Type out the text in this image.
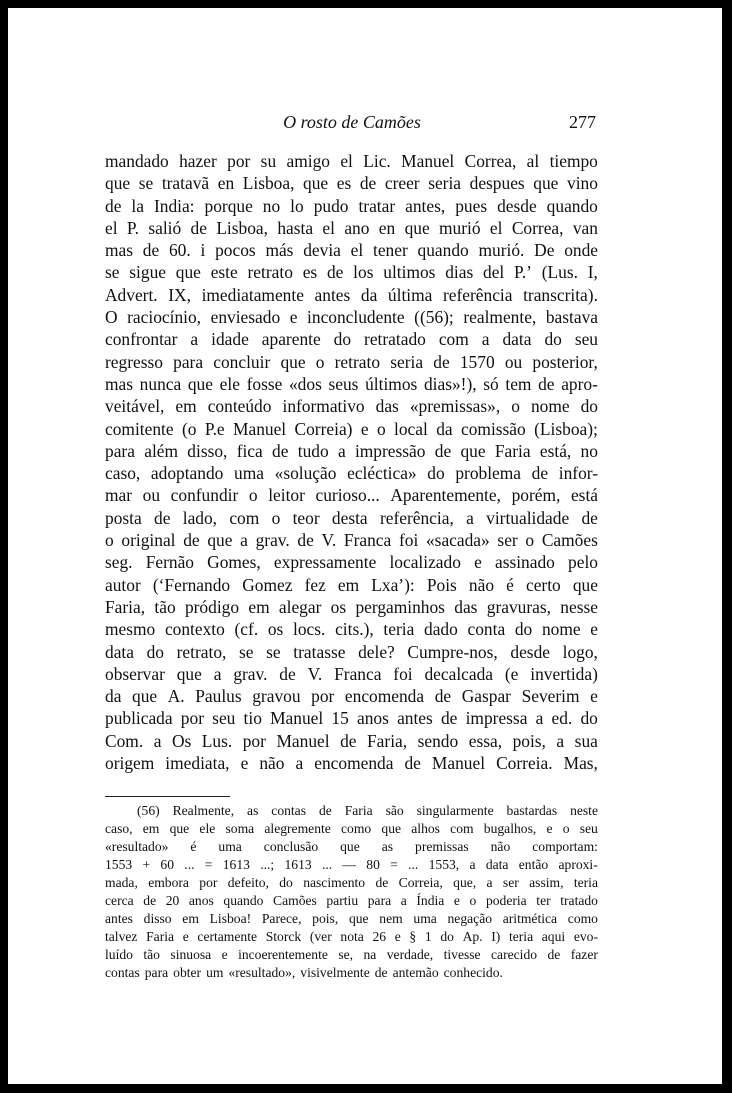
O rosto de Camões	277
mandado hazer por su amigo el Lic. Manuel Correa, al tiempo
que se tratavã en Lisboa, que es de creer seria despues que vino
de la India: porque no lo pudo tratar antes, pues desde quando
el P. salió de Lisboa, hasta el ano en que murió el Correa, van
mas de 60. i pocos más devia el tener quando murió. De onde
se sigue que este retrato es de los ultimos dias del P.’ (Lus. I,
Advert. IX, imediatamente antes da última referência transcrita).
O raciocínio, enviesado e inconcludente ((56); realmente, bastava
confrontar a idade aparente do retratado com a data do seu
regresso para concluir que o retrato seria de 1570 ou posterior,
mas nunca que ele fosse «dos seus últimos dias»!), só tem de apro-
veitável, em conteúdo informativo das «premissas», o nome do
comitente (o P.e Manuel Correia) e o local da comissão (Lisboa);
para além disso, fica de tudo a impressão de que Faria está, no
caso, adoptando uma «solução ecléctica» do problema de infor-
mar ou confundir o leitor curioso... Aparentemente, porém, está
posta de lado, com o teor desta referência, a virtualidade de
o original de que a grav. de V. Franca foi «sacada» ser o Camões
seg. Fernão Gomes, expressamente localizado e assinado pelo
autor (‘Fernando Gomez fez em Lxa’): Pois não é certo que
Faria, tão pródigo em alegar os pergaminhos das gravuras, nesse
mesmo contexto (cf. os locs. cits.), teria dado conta do nome e
data do retrato, se se tratasse dele? Cumpre-nos, desde logo,
observar que a grav. de V. Franca foi decalcada (e invertida)
da que A. Paulus gravou por encomenda de Gaspar Severim e
publicada por seu tio Manuel 15 anos antes de impressa a ed. do
Com. a Os Lus. por Manuel de Faria, sendo essa, pois, a sua
origem imediata, e não a encomenda de Manuel Correia. Mas,
(56) Realmente, as contas de Faria são singularmente bastardas neste
caso, em que ele soma alegremente como que alhos com bugalhos, e o seu
«resultado» é uma conclusão que as premissas não comportam:
1553 + 60 ... = 1613 ...; 1613 ... — 80 = ... 1553, a data então aproxi-
mada, embora por defeito, do nascimento de Correia, que, a ser assim, teria
cerca de 20 anos quando Camões partiu para a Índia e o poderia ter tratado
antes disso em Lisboa! Parece, pois, que nem uma negação aritmética como
talvez Faria e certamente Storck (ver nota 26 e § 1 do Ap. I) teria aqui evo-
luído tão sinuosa e incoerentemente se, na verdade, tivesse carecido de fazer
contas para obter um «resultado», visivelmente de antemão conhecido.
